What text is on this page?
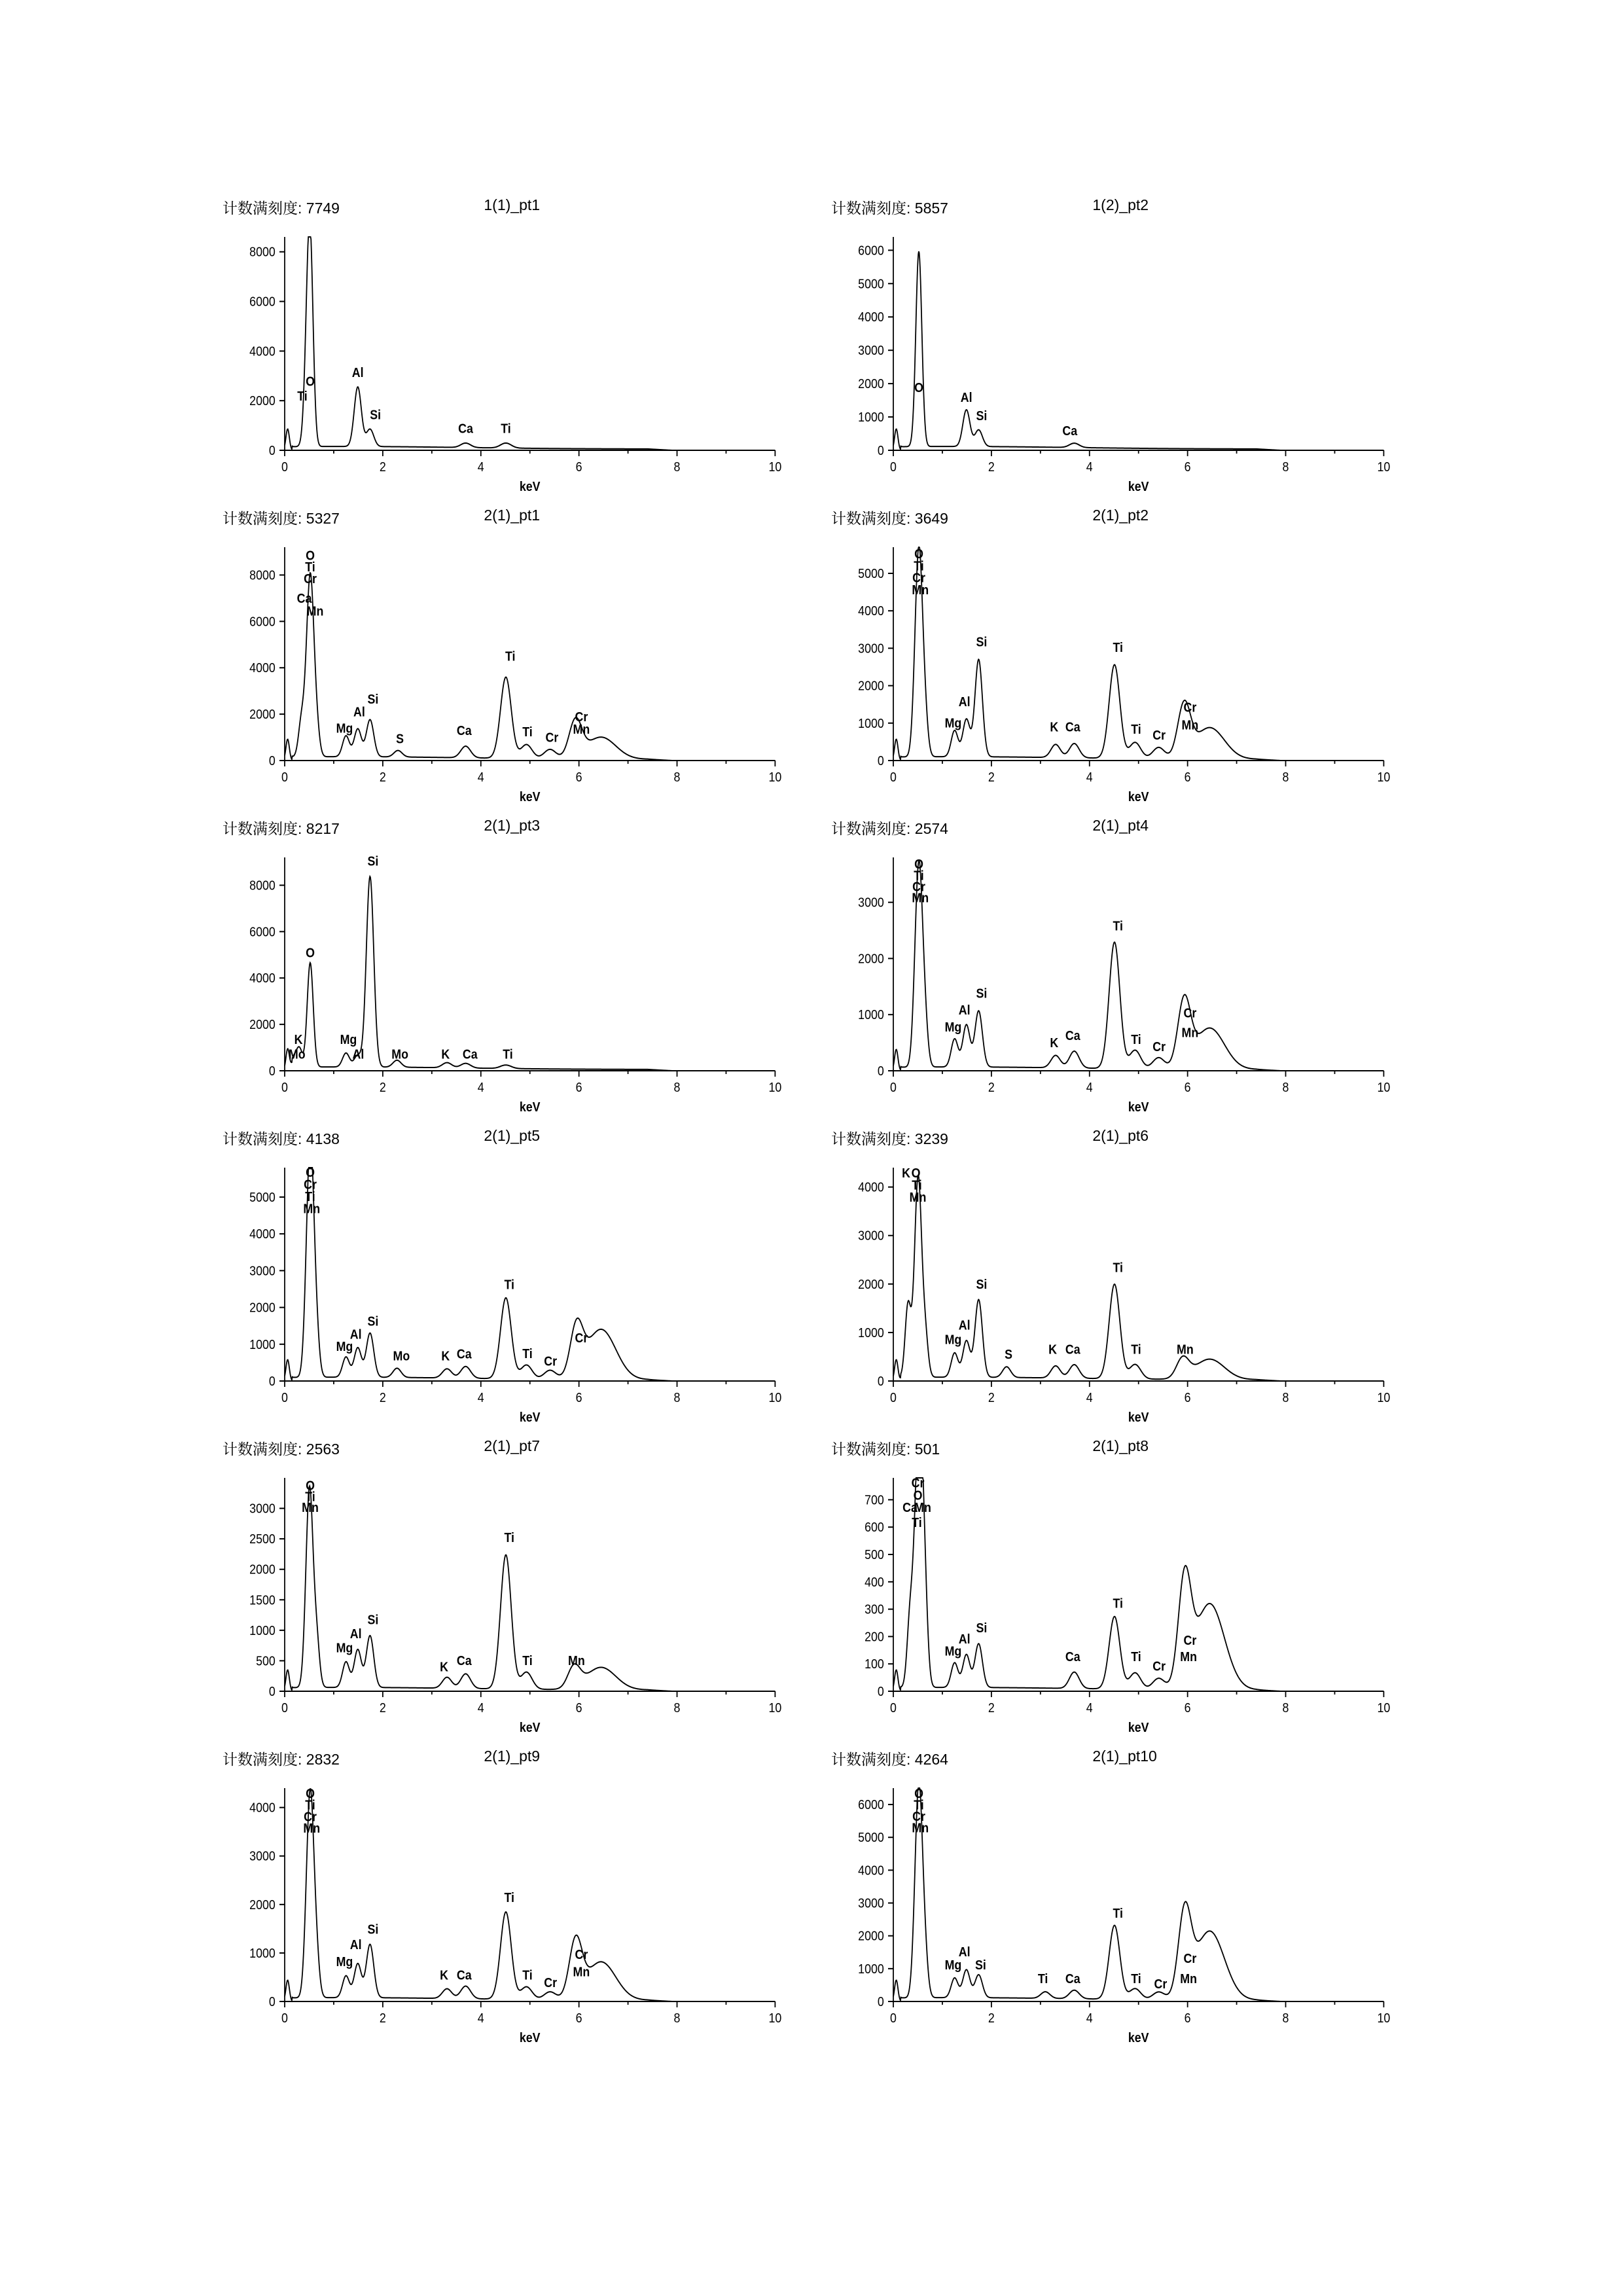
计数满刻度: 7749	1(1)_pt1
0	2	4	6	8	10
0
2000
4000
6000
8000
keV
O
Ti
Al
Si
Ca Ti
计数满刻度: 5857	1(2)_pt2
0	2	4	6	8	10
0
1000
2000
3000
4000
5000
6000
keV
O
Al
Si
Ca
计数满刻度: 5327	2(1)_pt1
0	2	4	6	8	10
0
2000
4000
6000
8000
keV
O
Ti
Cr
Ca
Mn
Mg
Al
Si
S
Ca
Ti
Ti Cr
Cr
Mn
计数满刻度: 3649	2(1)_pt2
0	2	4	6	8	10
0
1000
2000
3000
4000
5000
keV
O
Ti
Cr
Mn
Mg
Al
Si
K Ca
Ti
Ti Cr
Cr
Mn
计数满刻度: 8217	2(1)_pt3
0	2	4	6	8	10
0
2000
4000
6000
8000
keV
O
K
Mo
Mg
Al
Si
Mo	K Ca Ti
计数满刻度: 2574	2(1)_pt4
0	2	4	6	8	10
0
1000
2000
3000
keV
O
Ti
Cr
Mn
Mg
Al
Si
K
Ca
Ti
Ti
Cr
Cr
Mn
计数满刻度: 4138	2(1)_pt5
0	2	4	6	8	10
0
1000
2000
3000
4000
5000
keV
O
Cr
Ti
Mn
Mg
Al
Si
Mo K Ca
Ti
Ti
Cr
Cr
计数满刻度: 3239	2(1)_pt6
0	2	4	6	8	10
0
1000
2000
3000
4000
keV
K O
Ti
Mn
Mg
Al
Si
S	K Ca
Ti
Ti	Mn
计数满刻度: 2563	2(1)_pt7
0	2	4	6	8	10
0
500
1000
1500
2000
2500
3000
keV
O
Ti
Mn
Mg
Al
Si
K Ca
Ti
Ti	Mn
计数满刻度: 501	2(1)_pt8
0	2	4	6	8	10
0
100
200
300
400
500
600
700
keV
Cr
O
Ca
Mn
Ti
Mg
Al
Si
Ca
Ti
Ti
Cr
Cr
Mn
计数满刻度: 2832	2(1)_pt9
0	2	4	6	8	10
0
1000
2000
3000
4000
keV
O
Ti
Cr
Mn
Mg
Al
Si
K Ca
Ti
Ti
Cr
Cr
Mn
计数满刻度: 4264	2(1)_pt10
0	2	4	6	8	10
0
1000
2000
3000
4000
5000
6000
keV
O
Ti
Cr
Mn
Mg
Al
Si
Ti Ca
Ti
Ti Cr
Cr
Mn
